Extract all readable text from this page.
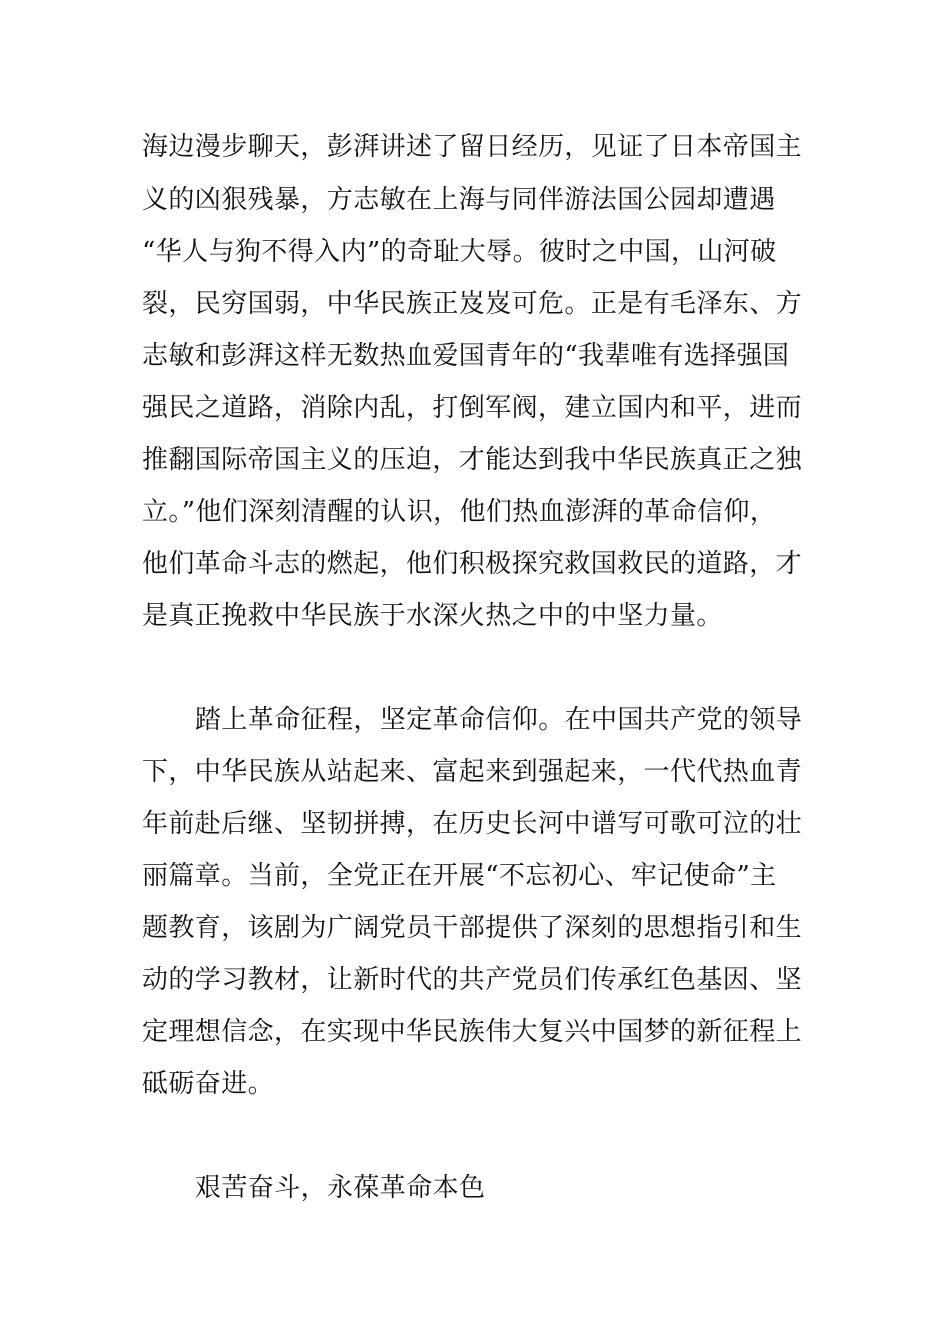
海边漫步聊天，彭湃讲述了留日经历，见证了日本帝国主
义的凶狠残暴，方志敏在上海与同伴游法国公园却遭遇
“华人与狗不得入内”的奇耻大辱。彼时之中国，山河破
裂，民穷国弱，中华民族正岌岌可危。正是有毛泽东、方
志敏和彭湃这样无数热血爱国青年的“我辈唯有选择强国
强民之道路，消除内乱，打倒军阀，建立国内和平，进而
推翻国际帝国主义的压迫，才能达到我中华民族真正之独
立。”他们深刻清醒的认识，他们热血澎湃的革命信仰，
他们革命斗志的燃起，他们积极探究救国救民的道路，才
是真正挽救中华民族于水深火热之中的中坚力量。
踏上革命征程，坚定革命信仰。在中国共产党的领导
下，中华民族从站起来、富起来到强起来，一代代热血青
年前赴后继、坚韧拼搏，在历史长河中谱写可歌可泣的壮
丽篇章。当前，全党正在开展“不忘初心、牢记使命”主
题教育，该剧为广阔党员干部提供了深刻的思想指引和生
动的学习教材，让新时代的共产党员们传承红色基因、坚
定理想信念，在实现中华民族伟大复兴中国梦的新征程上
砥砺奋进。
艰苦奋斗，永葆革命本色
